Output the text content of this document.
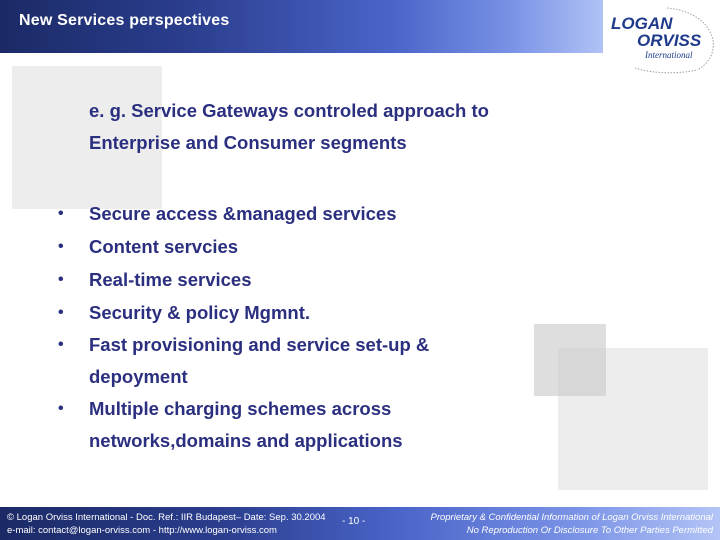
New Services perspectives	LOGAN
ORVISS
International
e. g. Service Gateways controled approach to
Enterprise and Consumer segments
• Secure access &managed services
• Content servcies
• Real-time services
• Security & policy Mgmnt.
• Fast provisioning and service set-up &
depoyment
• Multiple charging schemes across
networks,domains and applications
© Logan Orviss International - Doc. Ref.: IIR Budapest– Date: Sep. 30.2004
e-mail: contact@logan-orviss.com - http://www.logan-orviss.com
- 10 -	Proprietary & Confidential Information of Logan Orviss International
No Reproduction Or Disclosure To Other Parties Permitted
